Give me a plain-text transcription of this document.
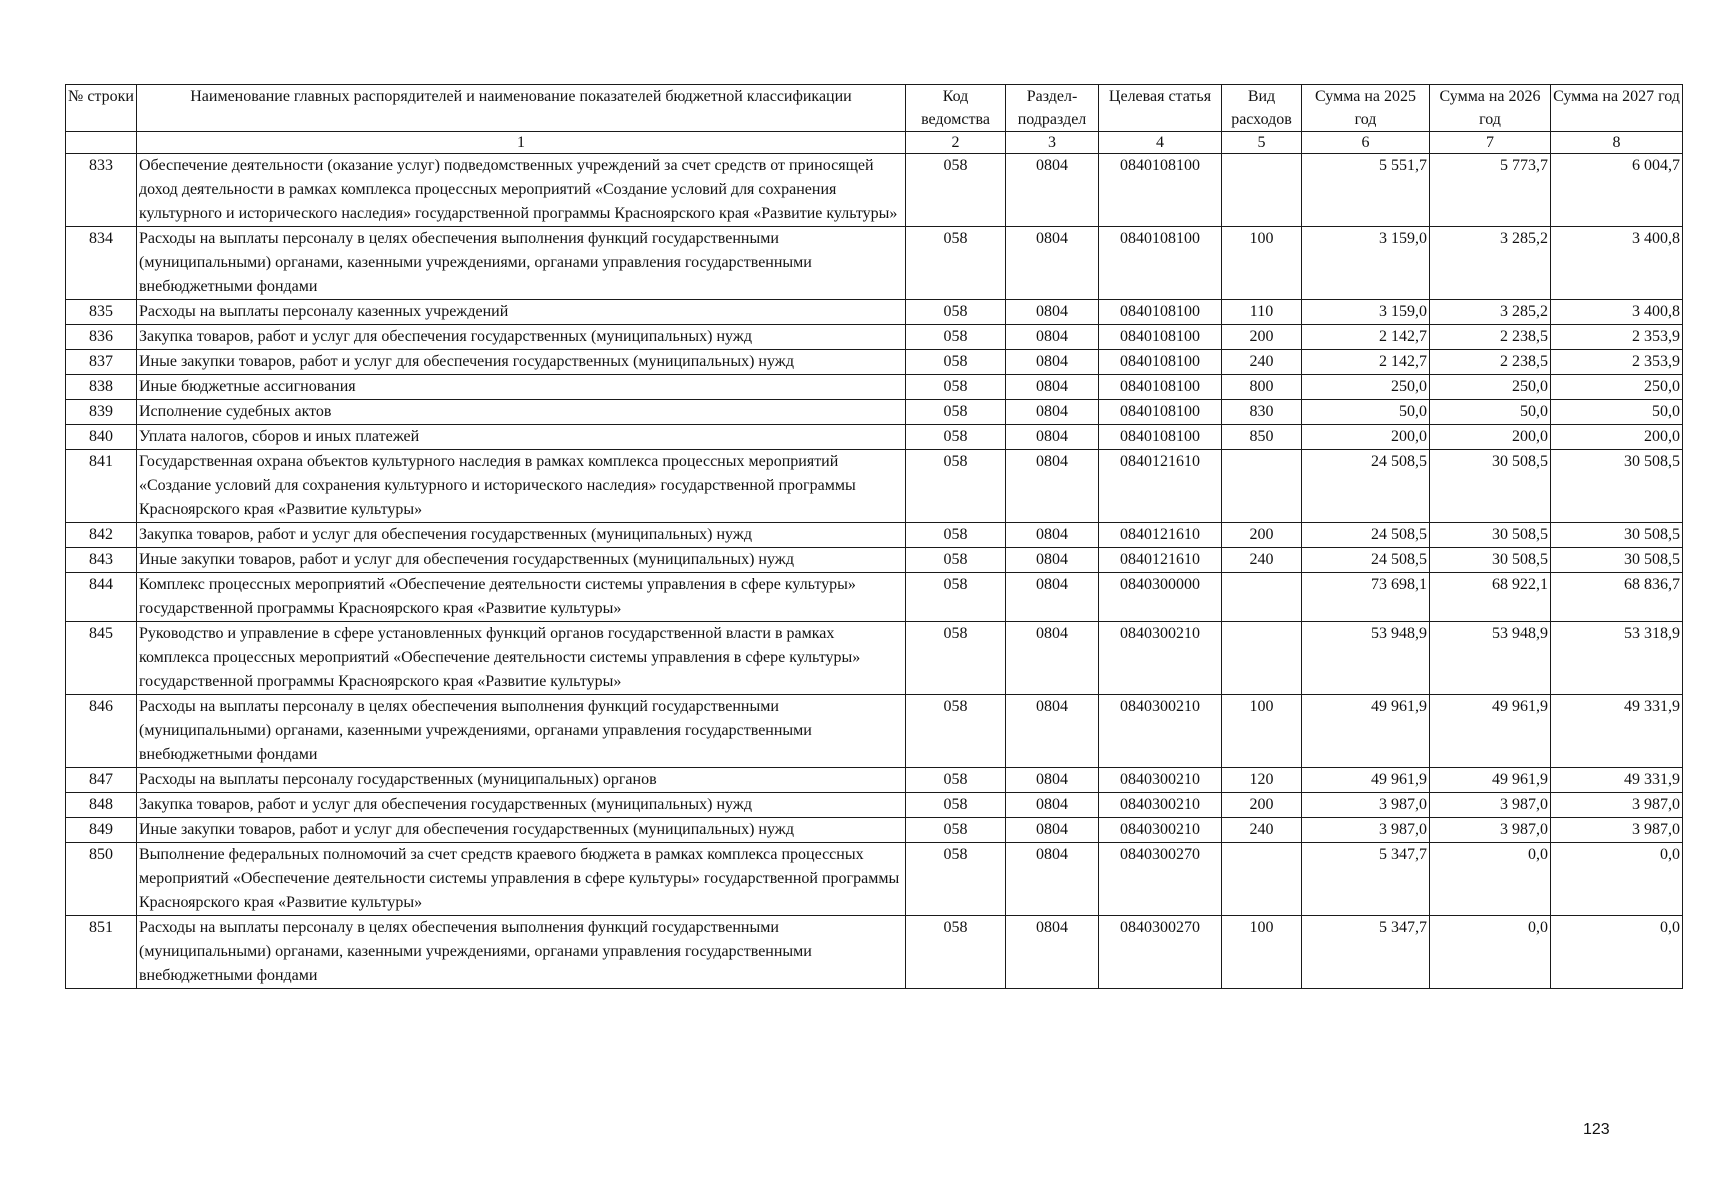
№ строки	Наименование главных распорядителей и наименование показателей бюджетной классификации	Код ведомства	Раздел-подраздел	Целевая статья	Вид расходов	Сумма на 2025 год	Сумма на 2026 год	Сумма на 2027 год
	1	2	3	4	5	6	7	8
833	Обеспечение деятельности (оказание услуг) подведомственных учреждений за счет средств от приносящей доход деятельности в рамках комплекса процессных мероприятий «Создание условий для сохранения культурного и исторического наследия» государственной программы Красноярского края «Развитие культуры»	058	0804	0840108100		5 551,7	5 773,7	6 004,7
834	Расходы на выплаты персоналу в целях обеспечения выполнения функций государственными (муниципальными) органами, казенными учреждениями, органами управления государственными внебюджетными фондами	058	0804	0840108100	100	3 159,0	3 285,2	3 400,8
835	Расходы на выплаты персоналу казенных учреждений	058	0804	0840108100	110	3 159,0	3 285,2	3 400,8
836	Закупка товаров, работ и услуг для обеспечения государственных (муниципальных) нужд	058	0804	0840108100	200	2 142,7	2 238,5	2 353,9
837	Иные закупки товаров, работ и услуг для обеспечения государственных (муниципальных) нужд	058	0804	0840108100	240	2 142,7	2 238,5	2 353,9
838	Иные бюджетные ассигнования	058	0804	0840108100	800	250,0	250,0	250,0
839	Исполнение судебных актов	058	0804	0840108100	830	50,0	50,0	50,0
840	Уплата налогов, сборов и иных платежей	058	0804	0840108100	850	200,0	200,0	200,0
841	Государственная охрана объектов культурного наследия в рамках комплекса процессных мероприятий «Создание условий для сохранения культурного и исторического наследия» государственной программы Красноярского края «Развитие культуры»	058	0804	0840121610		24 508,5	30 508,5	30 508,5
842	Закупка товаров, работ и услуг для обеспечения государственных (муниципальных) нужд	058	0804	0840121610	200	24 508,5	30 508,5	30 508,5
843	Иные закупки товаров, работ и услуг для обеспечения государственных (муниципальных) нужд	058	0804	0840121610	240	24 508,5	30 508,5	30 508,5
844	Комплекс процессных мероприятий «Обеспечение деятельности системы управления в сфере культуры» государственной программы Красноярского края «Развитие культуры»	058	0804	0840300000		73 698,1	68 922,1	68 836,7
845	Руководство и управление в сфере установленных функций органов государственной власти в рамках комплекса процессных мероприятий «Обеспечение деятельности системы управления в сфере культуры» государственной программы Красноярского края «Развитие культуры»	058	0804	0840300210		53 948,9	53 948,9	53 318,9
846	Расходы на выплаты персоналу в целях обеспечения выполнения функций государственными (муниципальными) органами, казенными учреждениями, органами управления государственными внебюджетными фондами	058	0804	0840300210	100	49 961,9	49 961,9	49 331,9
847	Расходы на выплаты персоналу государственных (муниципальных) органов	058	0804	0840300210	120	49 961,9	49 961,9	49 331,9
848	Закупка товаров, работ и услуг для обеспечения государственных (муниципальных) нужд	058	0804	0840300210	200	3 987,0	3 987,0	3 987,0
849	Иные закупки товаров, работ и услуг для обеспечения государственных (муниципальных) нужд	058	0804	0840300210	240	3 987,0	3 987,0	3 987,0
850	Выполнение федеральных полномочий за счет средств краевого бюджета в рамках комплекса процессных мероприятий «Обеспечение деятельности системы управления в сфере культуры» государственной программы Красноярского края «Развитие культуры»	058	0804	0840300270		5 347,7	0,0	0,0
851	Расходы на выплаты персоналу в целях обеспечения выполнения функций государственными (муниципальными) органами, казенными учреждениями, органами управления государственными внебюджетными фондами	058	0804	0840300270	100	5 347,7	0,0	0,0
123
